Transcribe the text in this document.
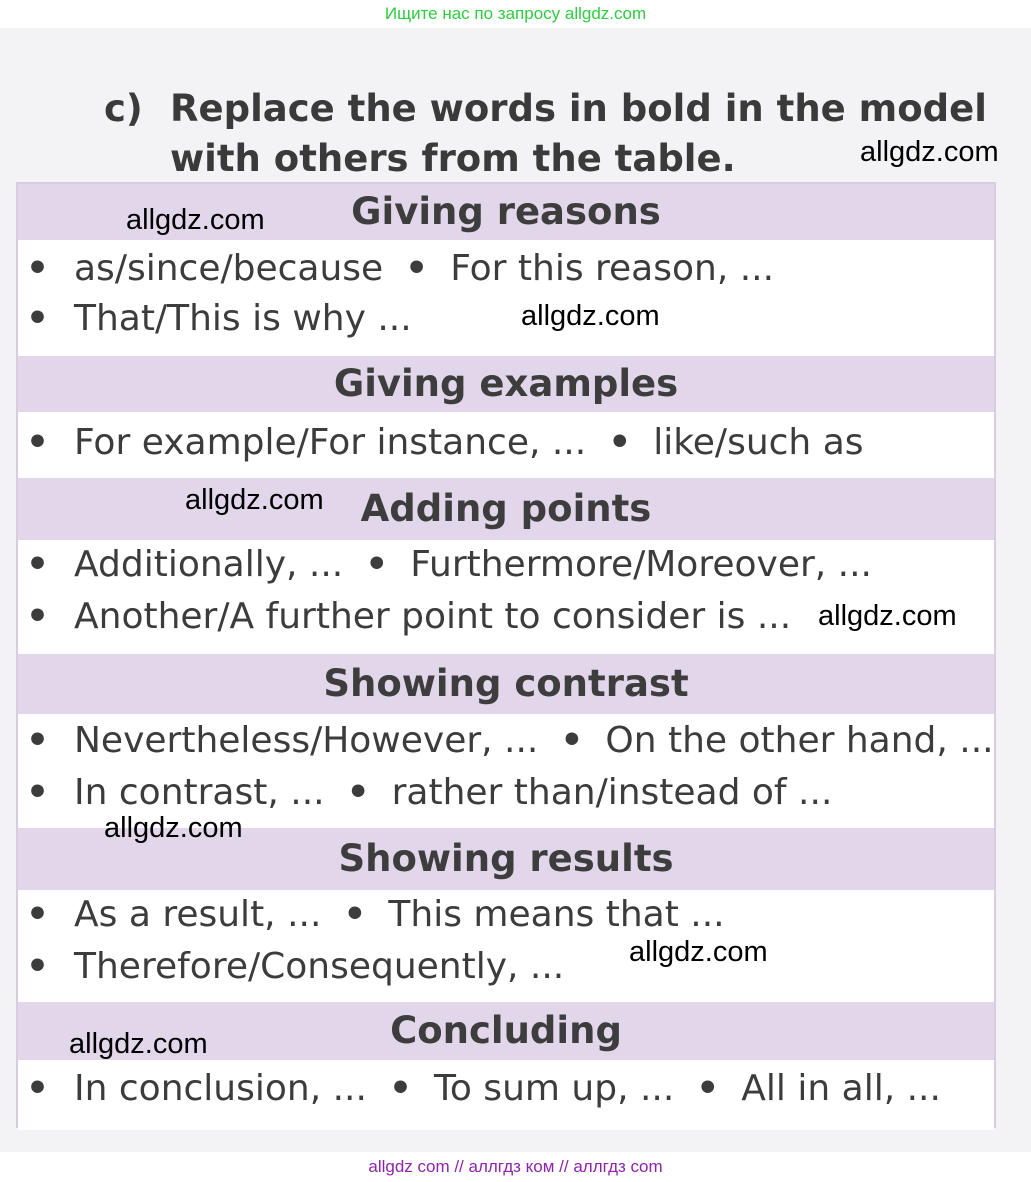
Ищите нас по запросу allgdz.com
c) Replace the words in bold in the model
with others from the table.
Giving reasons
• as/since/because • For this reason, ...
• That/This is why ...
Giving examples
• For example/For instance, ... • like/such as
Adding points
• Additionally, ... • Furthermore/Moreover, ...
• Another/A further point to consider is ...
Showing contrast
• Nevertheless/However, ... • On the other hand, ...
• In contrast, ... • rather than/instead of ...
Showing results
• As a result, ... • This means that ...
• Therefore/Consequently, ...
Concluding
• In conclusion, ... • To sum up, ... • All in all, ...
allgdz.com
allgdz.com
allgdz.com
allgdz.com
allgdz.com
allgdz.com
allgdz.com
allgdz.com
allgdz com // аллгдз ком // аллгдз com
